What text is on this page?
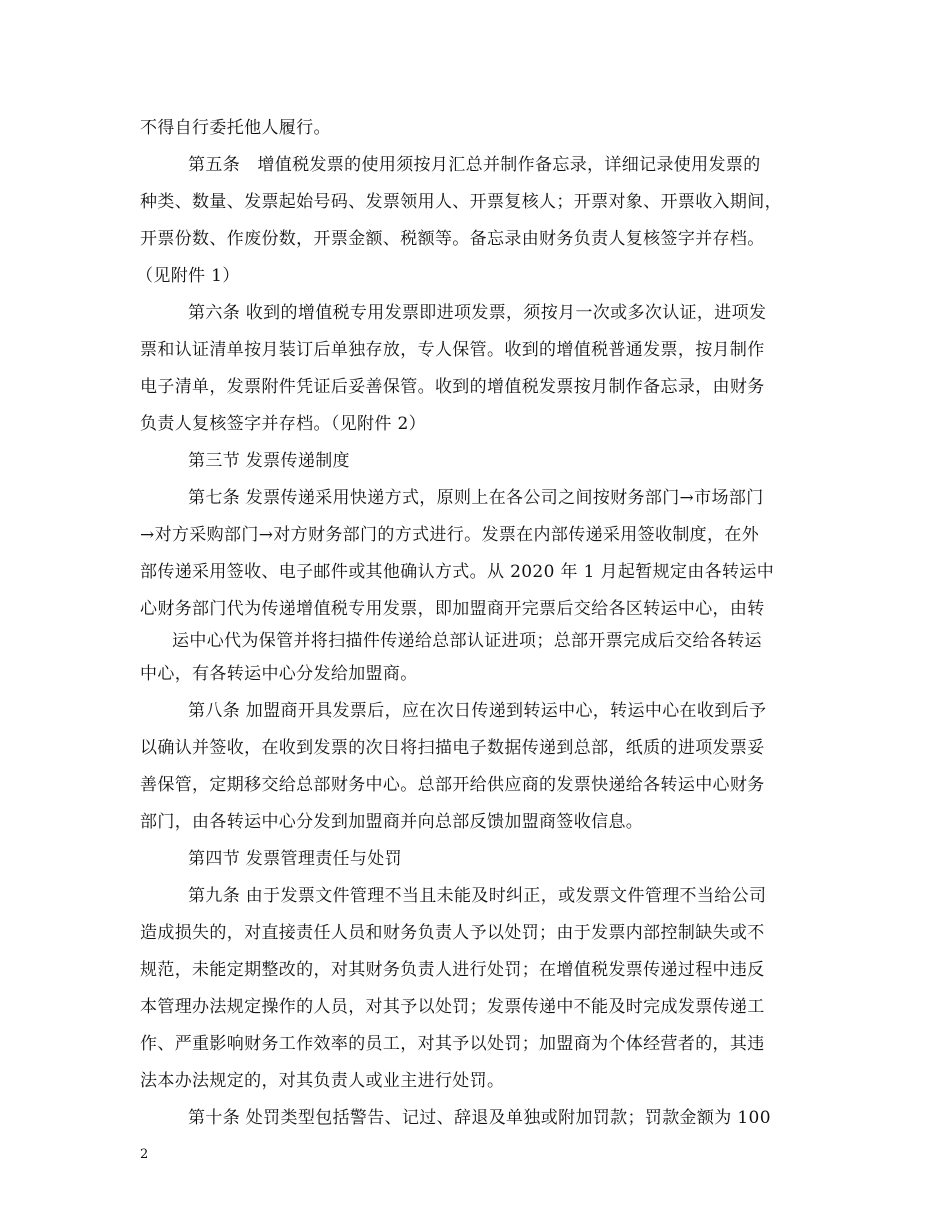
不得自行委托他人履行。
第五条　增值税发票的使用须按月汇总并制作备忘录，详细记录使用发票的
种类、数量、发票起始号码、发票领用人、开票复核人；开票对象、开票收入期间，
开票份数、作废份数，开票金额、税额等。备忘录由财务负责人复核签字并存档。
（见附件 1）
第六条 收到的增值税专用发票即进项发票，须按月一次或多次认证，进项发
票和认证清单按月装订后单独存放，专人保管。收到的增值税普通发票，按月制作
电子清单，发票附件凭证后妥善保管。收到的增值税发票按月制作备忘录，由财务
负责人复核签字并存档。（见附件 2）
第三节 发票传递制度
第七条 发票传递采用快递方式，原则上在各公司之间按财务部门→市场部门
→对方采购部门→对方财务部门的方式进行。发票在内部传递采用签收制度，在外
部传递采用签收、电子邮件或其他确认方式。从 2020 年 1 月起暂规定由各转运中
心财务部门代为传递增值税专用发票，即加盟商开完票后交给各区转运中心，由转
运中心代为保管并将扫描件传递给总部认证进项；总部开票完成后交给各转运
中心，有各转运中心分发给加盟商。
第八条 加盟商开具发票后，应在次日传递到转运中心，转运中心在收到后予
以确认并签收，在收到发票的次日将扫描电子数据传递到总部，纸质的进项发票妥
善保管，定期移交给总部财务中心。总部开给供应商的发票快递给各转运中心财务
部门，由各转运中心分发到加盟商并向总部反馈加盟商签收信息。
第四节 发票管理责任与处罚
第九条 由于发票文件管理不当且未能及时纠正，或发票文件管理不当给公司
造成损失的，对直接责任人员和财务负责人予以处罚；由于发票内部控制缺失或不
规范，未能定期整改的，对其财务负责人进行处罚；在增值税发票传递过程中违反
本管理办法规定操作的人员，对其予以处罚；发票传递中不能及时完成发票传递工
作、严重影响财务工作效率的员工，对其予以处罚；加盟商为个体经营者的，其违
法本办法规定的，对其负责人或业主进行处罚。
第十条 处罚类型包括警告、记过、辞退及单独或附加罚款；罚款金额为 100
2
